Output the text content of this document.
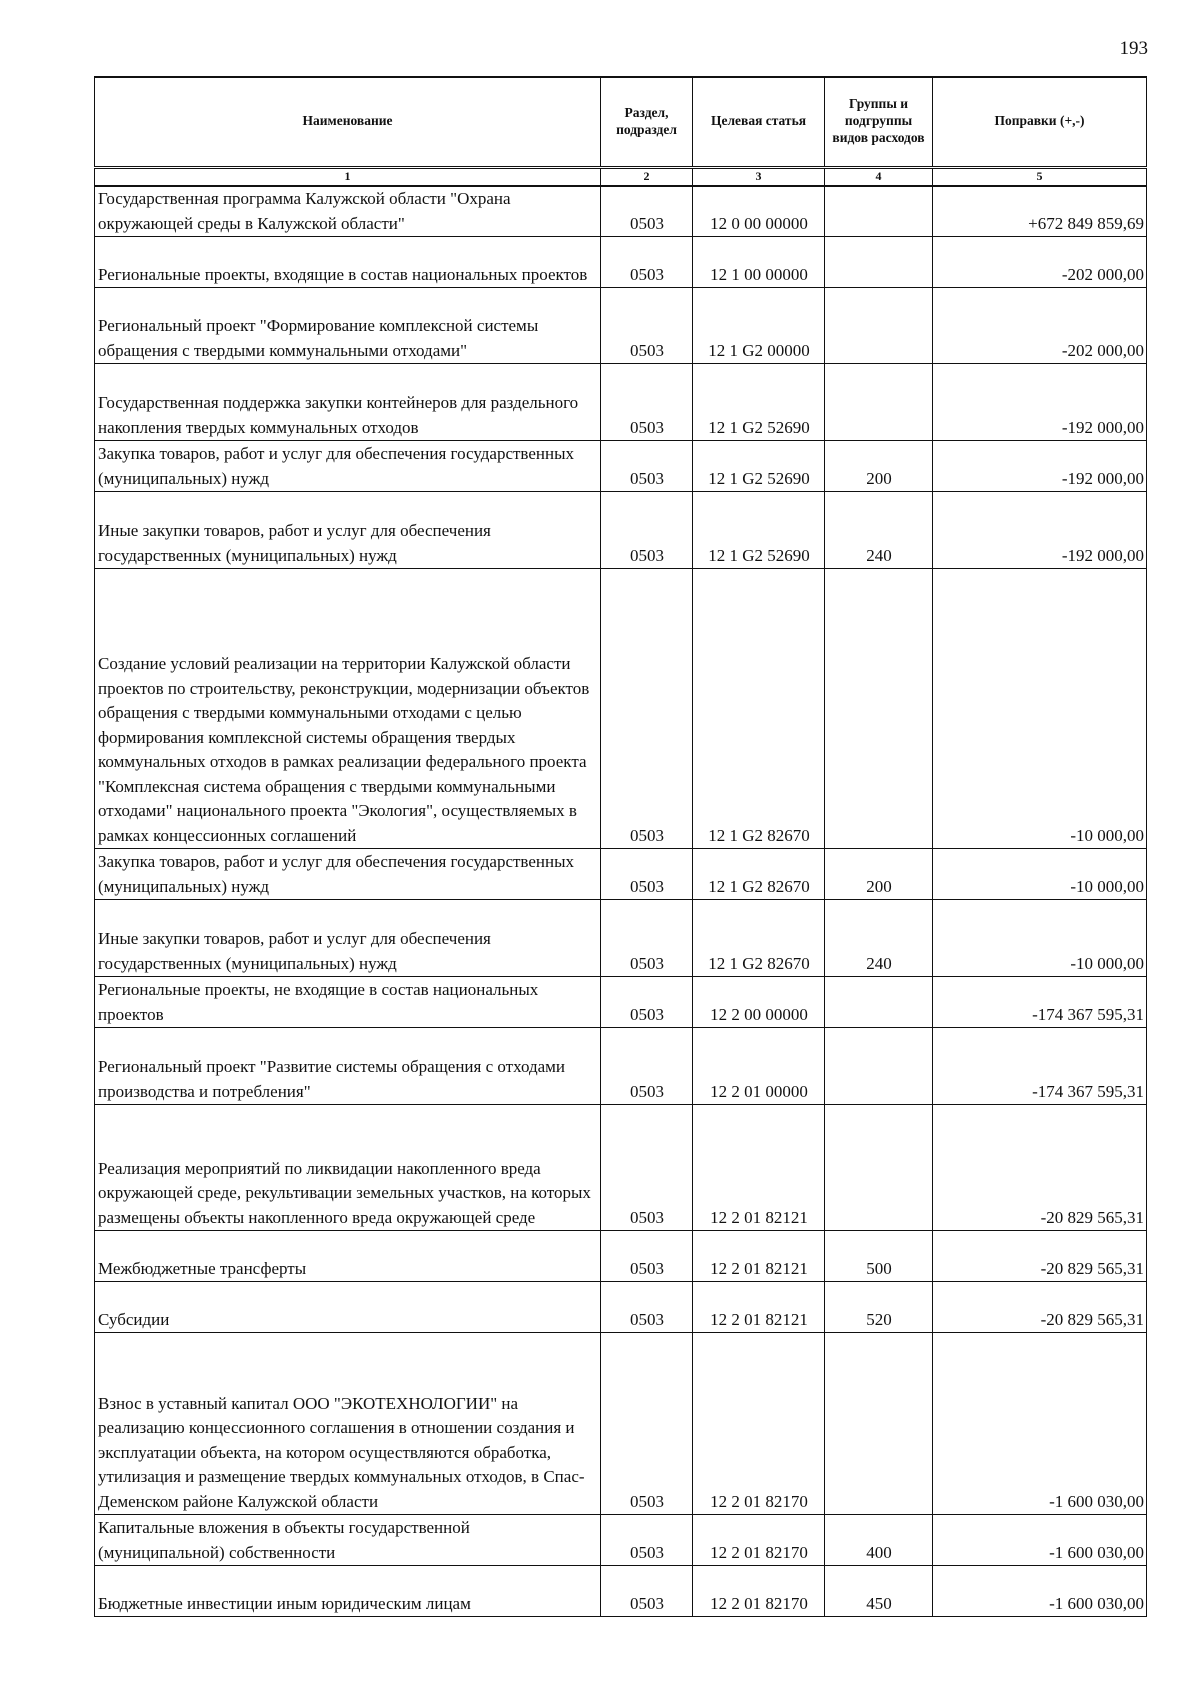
193
Наименование	Раздел, подраздел	Целевая статья	Группы и подгруппы видов расходов	Поправки (+,-)
1	2	3	4	5
Государственная программа Калужской области "Охрана окружающей среды в Калужской области"	0503	12 0 00 00000		+672 849 859,69
Региональные проекты, входящие в состав национальных проектов	0503	12 1 00 00000		-202 000,00
Региональный проект "Формирование комплексной системы обращения с твердыми коммунальными отходами"	0503	12 1 G2 00000		-202 000,00
Государственная поддержка закупки контейнеров для раздельного накопления твердых коммунальных отходов	0503	12 1 G2 52690		-192 000,00
Закупка товаров, работ и услуг для обеспечения государственных (муниципальных) нужд	0503	12 1 G2 52690	200	-192 000,00
Иные закупки товаров, работ и услуг для обеспечения государственных (муниципальных) нужд	0503	12 1 G2 52690	240	-192 000,00
Создание условий реализации на территории Калужской области проектов по строительству, реконструкции, модернизации объектов обращения с твердыми коммунальными отходами с целью формирования комплексной системы обращения твердых коммунальных отходов в рамках реализации федерального проекта "Комплексная система обращения с твердыми коммунальными отходами" национального проекта "Экология", осуществляемых в рамках концессионных соглашений	0503	12 1 G2 82670		-10 000,00
Закупка товаров, работ и услуг для обеспечения государственных (муниципальных) нужд	0503	12 1 G2 82670	200	-10 000,00
Иные закупки товаров, работ и услуг для обеспечения государственных (муниципальных) нужд	0503	12 1 G2 82670	240	-10 000,00
Региональные проекты, не входящие в состав национальных проектов	0503	12 2 00 00000		-174 367 595,31
Региональный проект "Развитие системы обращения с отходами производства и потребления"	0503	12 2 01 00000		-174 367 595,31
Реализация мероприятий по ликвидации накопленного вреда окружающей среде, рекультивации земельных участков, на которых размещены объекты накопленного вреда окружающей среде	0503	12 2 01 82121		-20 829 565,31
Межбюджетные трансферты	0503	12 2 01 82121	500	-20 829 565,31
Субсидии	0503	12 2 01 82121	520	-20 829 565,31
Взнос в уставный капитал ООО "ЭКОТЕХНОЛОГИИ" на реализацию концессионного соглашения в отношении создания и эксплуатации объекта, на котором осуществляются обработка, утилизация и размещение твердых коммунальных отходов, в Спас-Деменском районе Калужской области	0503	12 2 01 82170		-1 600 030,00
Капитальные вложения в объекты государственной (муниципальной) собственности	0503	12 2 01 82170	400	-1 600 030,00
Бюджетные инвестиции иным юридическим лицам	0503	12 2 01 82170	450	-1 600 030,00
